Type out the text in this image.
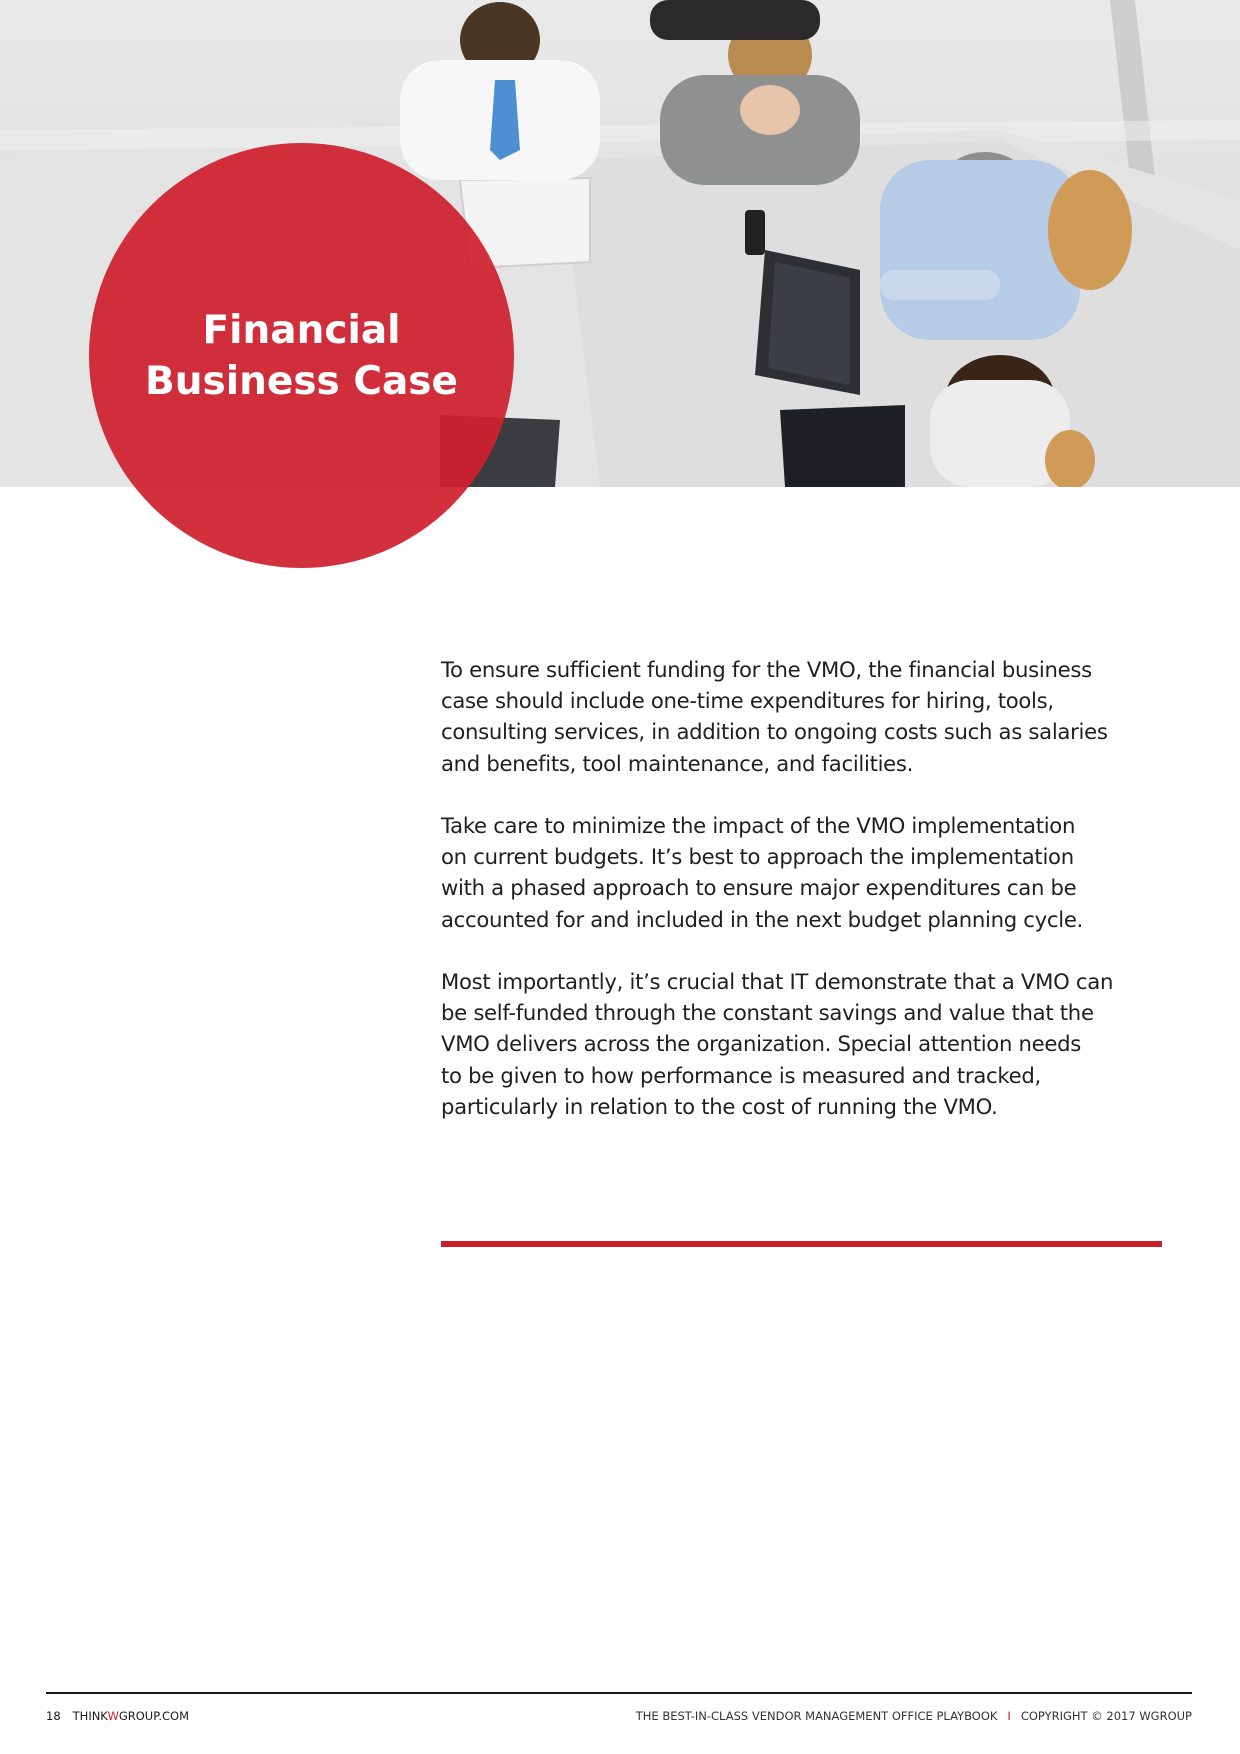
Financial Business Case

To ensure sufficient funding for the VMO, the financial business
case should include one-time expenditures for hiring, tools,
consulting services, in addition to ongoing costs such as salaries
and benefits, tool maintenance, and facilities.

Take care to minimize the impact of the VMO implementation
on current budgets. It’s best to approach the implementation
with a phased approach to ensure major expenditures can be
accounted for and included in the next budget planning cycle.

Most importantly, it’s crucial that IT demonstrate that a VMO can
be self-funded through the constant savings and value that the
VMO delivers across the organization. Special attention needs
to be given to how performance is measured and tracked,
particularly in relation to the cost of running the VMO.

18 THINKWGROUP.COM	THE BEST-IN-CLASS VENDOR MANAGEMENT OFFICE PLAYBOOK I COPYRIGHT © 2017 WGROUP
